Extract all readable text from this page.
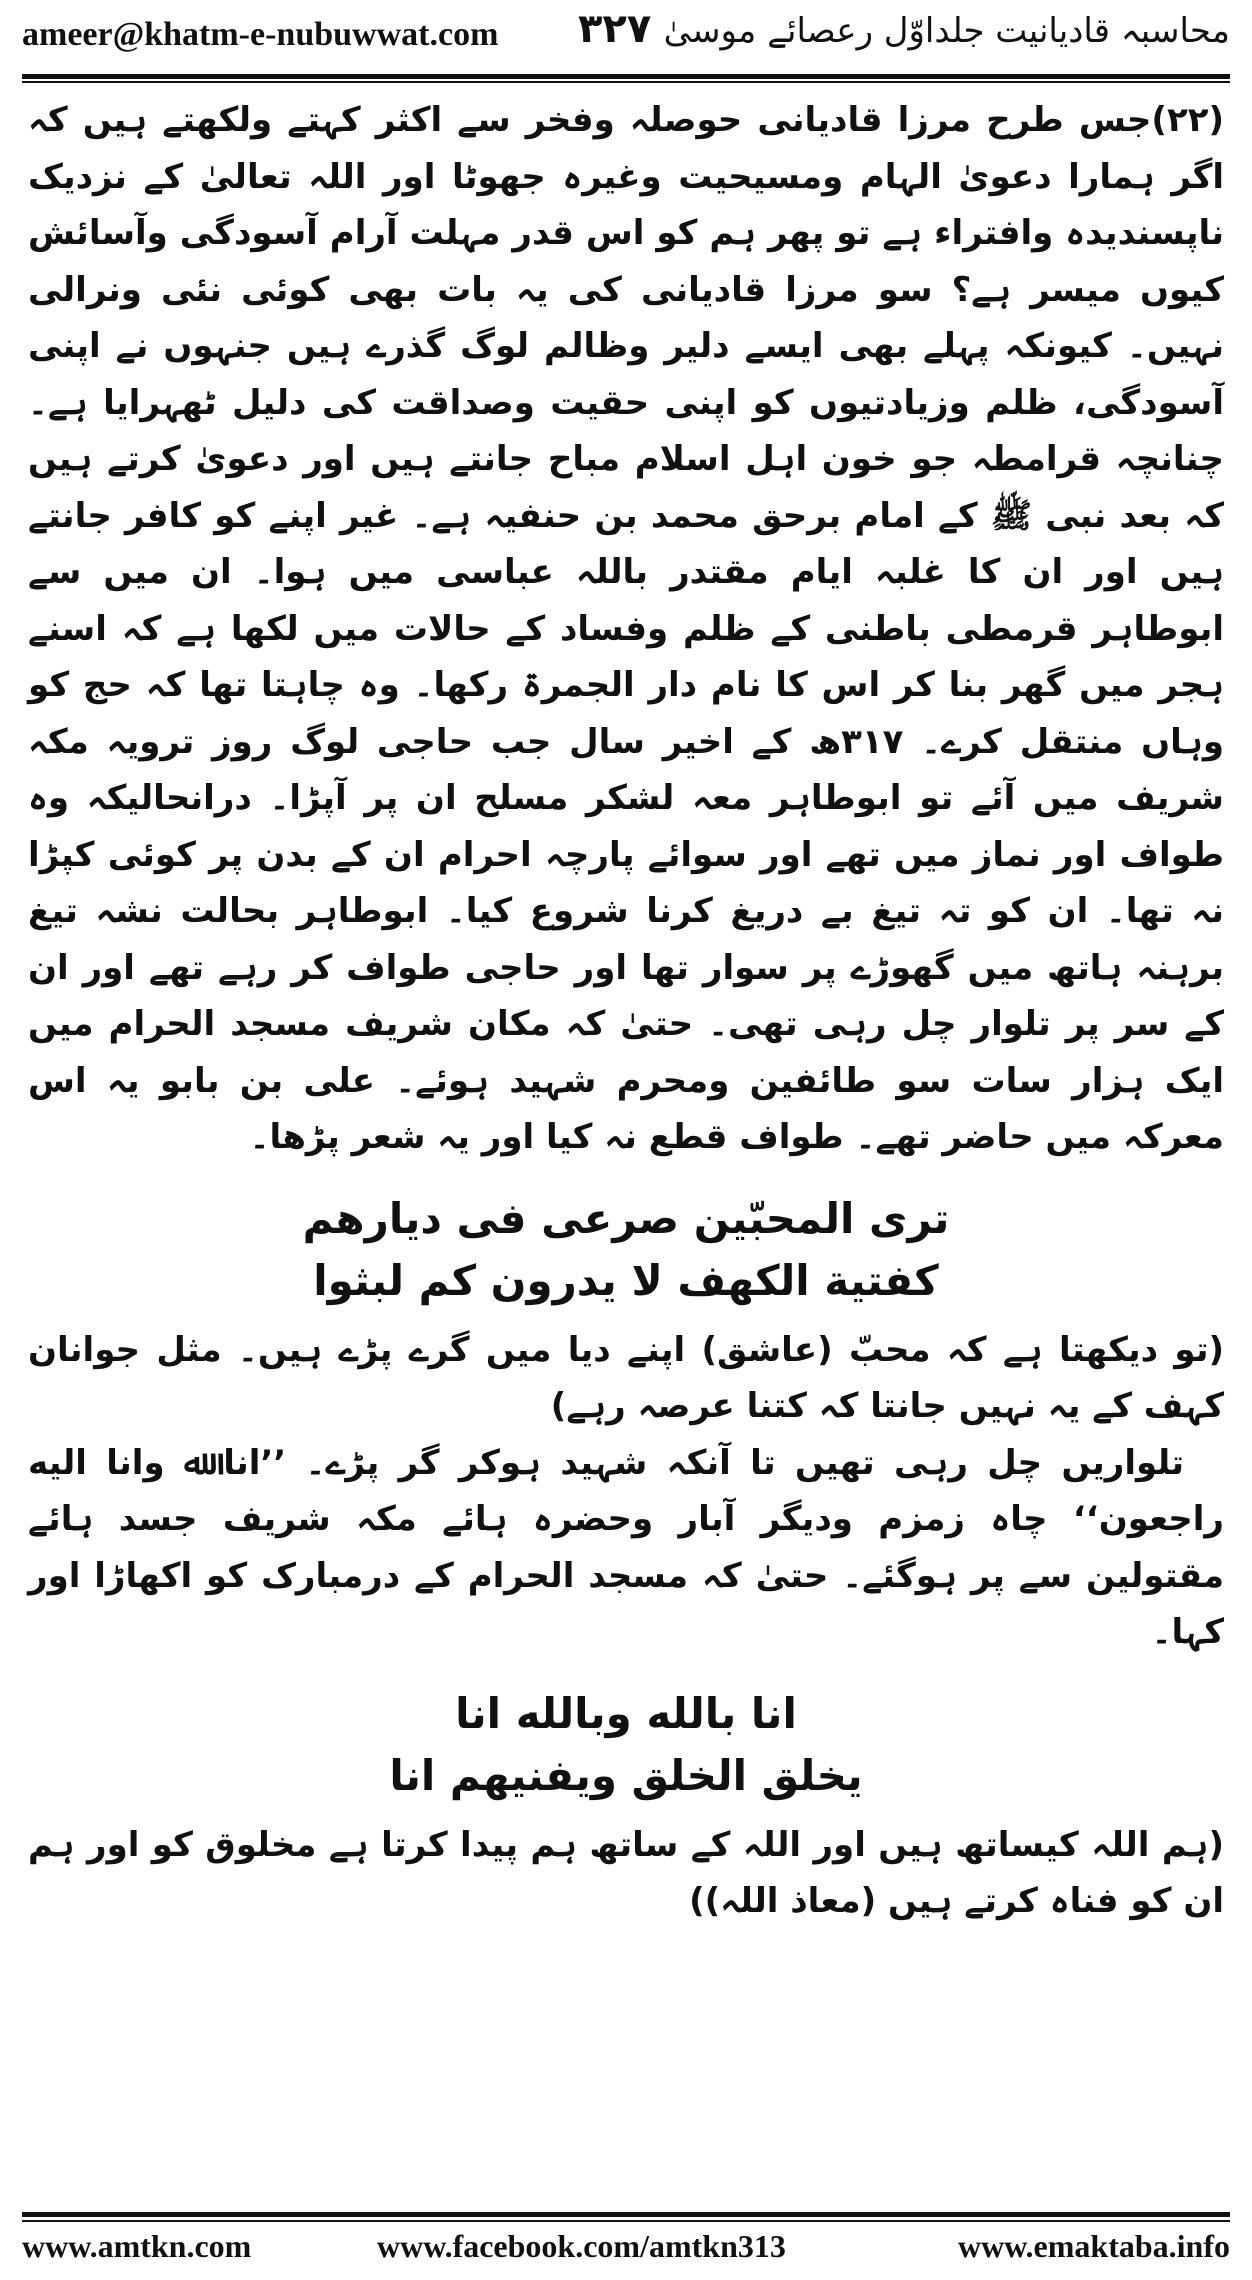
ameer@khatm-e-nubuwwat.com ۳۲۷ محاسبہ قادیانیت جلداوّل رعصائے موسیٰ

(۲۲)جس طرح مرزا قادیانی حوصلہ وفخر سے اکثر کہتے ولکھتے ہیں کہ اگر ہمارا دعویٰ الہام ومسیحیت وغیرہ جھوٹا اور اللہ تعالیٰ کے نزدیک ناپسندیدہ وافتراء ہے تو پھر ہم کو اس قدر مہلت آرام آسودگی وآسائش کیوں میسر ہے؟ سو مرزا قادیانی کی یہ بات بھی کوئی نئی ونرالی نہیں۔ کیونکہ پہلے بھی ایسے دلیر وظالم لوگ گذرے ہیں جنہوں نے اپنی آسودگی، ظلم وزیادتیوں کو اپنی حقیت وصداقت کی دلیل ٹھہرایا ہے۔ چنانچہ قرامطہ جو خون اہل اسلام مباح جانتے ہیں اور دعویٰ کرتے ہیں کہ بعد نبی ﷺ کے امام برحق محمد بن حنفیہ ہے۔ غیر اپنے کو کافر جانتے ہیں اور ان کا غلبہ ایام مقتدر باللہ عباسی میں ہوا۔ ان میں سے ابوطاہر قرمطی باطنی کے ظلم وفساد کے حالات میں لکھا ہے کہ اسنے ہجر میں گھر بنا کر اس کا نام دار الجمرۃ رکھا۔ وہ چاہتا تھا کہ حج کو وہاں منتقل کرے۔ ۳۱۷ھ کے اخیر سال جب حاجی لوگ روز ترویہ مکہ شریف میں آئے تو ابوطاہر معہ لشکر مسلح ان پر آپڑا۔ درانحالیکہ وہ طواف اور نماز میں تھے اور سوائے پارچہ احرام ان کے بدن پر کوئی کپڑا نہ تھا۔ ان کو تہ تیغ بے دریغ کرنا شروع کیا۔ ابوطاہر بحالت نشہ تیغ برہنہ ہاتھ میں گھوڑے پر سوار تھا اور حاجی طواف کر رہے تھے اور ان کے سر پر تلوار چل رہی تھی۔ حتیٰ کہ مکان شریف مسجد الحرام میں ایک ہزار سات سو طائفین ومحرم شہید ہوئے۔ علی بن بابو یہ اس معرکہ میں حاضر تھے۔ طواف قطع نہ کیا اور یہ شعر پڑھا۔

تری المحبّین صرعی فی دیارهم

کفتیة الکهف لا یدرون کم لبثوا

(تو دیکھتا ہے کہ محبّ (عاشق) اپنے دیا میں گرے پڑے ہیں۔ مثل جوانان کہف کے یہ نہیں جانتا کہ کتنا عرصہ رہے)

تلواریں چل رہی تھیں تا آنکہ شہید ہوکر گر پڑے۔ ’’انا ﷲ وانا الیه راجعون‘‘ چاہ زمزم ودیگر آبار وحضرہ ہائے مکہ شریف جسد ہائے مقتولین سے پر ہوگئے۔ حتیٰ کہ مسجد الحرام کے درمبارک کو اکھاڑا اور کہا۔

انا بالله وبالله انا

یخلق الخلق ویفنیهم انا

(ہم اللہ کیساتھ ہیں اور اللہ کے ساتھ ہم پیدا کرتا ہے مخلوق کو اور ہم ان کو فناہ کرتے ہیں (معاذ اللہ))

www.amtkn.com	www.facebook.com/amtkn313	www.emaktaba.info
